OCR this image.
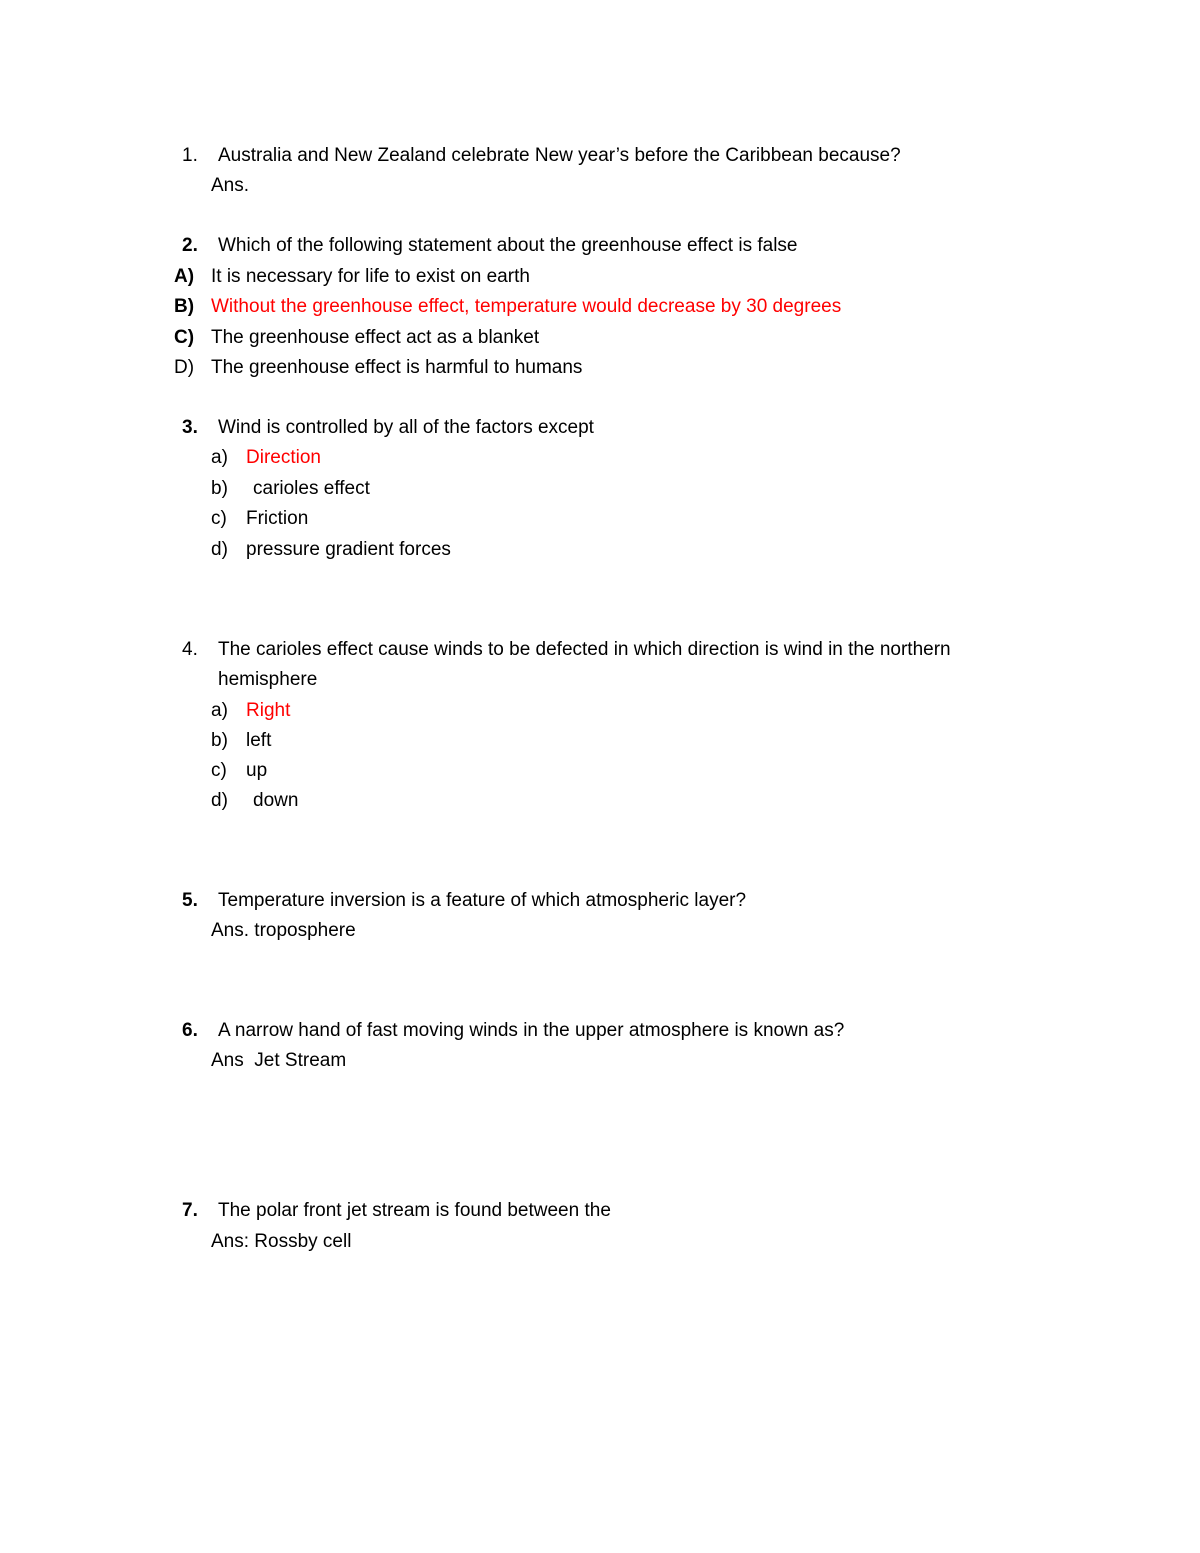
1. Australia and New Zealand celebrate New year’s before the Caribbean because?
Ans.
2. Which of the following statement about the greenhouse effect is false
A) It is necessary for life to exist on earth
B) Without the greenhouse effect, temperature would decrease by 30 degrees
C) The greenhouse effect act as a blanket
D) The greenhouse effect is harmful to humans
3. Wind is controlled by all of the factors except
a) Direction
b) carioles effect
c) Friction
d) pressure gradient forces
4. The carioles effect cause winds to be defected in which direction is wind in the northern
hemisphere
a) Right
b) left
c) up
d) down
5. Temperature inversion is a feature of which atmospheric layer?
Ans. troposphere
6. A narrow hand of fast moving winds in the upper atmosphere is known as?
Ans  Jet Stream
7. The polar front jet stream is found between the
Ans: Rossby cell
